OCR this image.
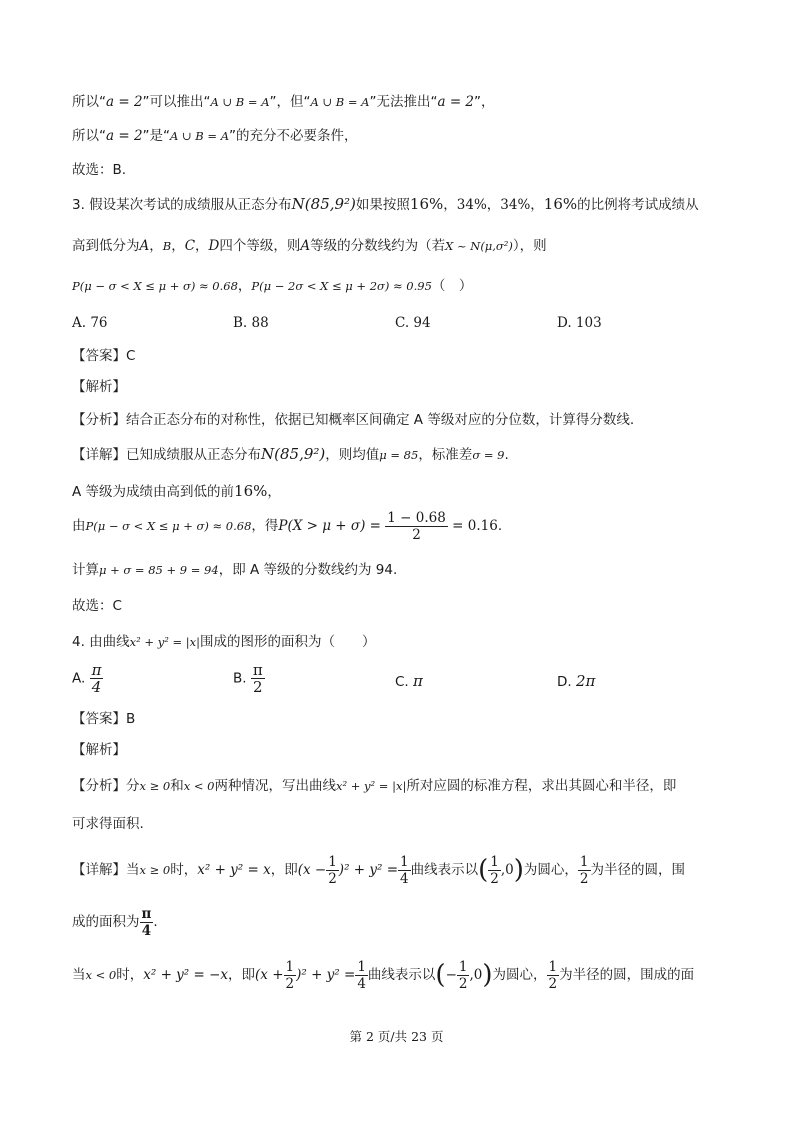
所以“a = 2”可以推出“A ∪ B = A”，但“A ∪ B = A”无法推出“a = 2”，
所以“a = 2”是“A ∪ B = A”的充分不必要条件，
故选：B.
3. 假设某次考试的成绩服从正态分布N(85,9²)如果按照16%，34%，34%，16%的比例将考试成绩从
高到低分为A，B，C，D四个等级，则A等级的分数线约为（若X ~ N(μ,σ²)），则
P(μ − σ < X ≤ μ + σ) ≈ 0.68，P(μ − 2σ < X ≤ μ + 2σ) ≈ 0.95（　）
A. 76	B. 88	C. 94	D. 103
【答案】C
【解析】
【分析】结合正态分布的对称性，依据已知概率区间确定 A 等级对应的分位数，计算得分数线.
【详解】已知成绩服从正态分布N(85,9²)，则均值μ = 85，标准差σ = 9.
A 等级为成绩由高到低的前16%，
由P(μ − σ < X ≤ μ + σ) ≈ 0.68，得$P(X > \mu + \sigma) = \frac{1 - 0.68}{2} = 0.16$.
计算μ + σ = 85 + 9 = 94，即 A 等级的分数线约为 94.
故选：C
4. 由曲线x² + y² = |x|围成的图形的面积为（　　）
A. $\frac{\pi}{4}$	B. $\frac{\pi}{2}$	C. π	D. 2π
【答案】B
【解析】
【分析】分x ≥ 0和x < 0两种情况，写出曲线x² + y² = |x|所对应圆的标准方程，求出其圆心和半径，即
可求得面积.
【详解】当x ≥ 0时，x² + y² = x，即$(x - \frac{1}{2} )^2 + y^2 = \frac{1}{4}$ 曲线表示以( $\frac{1}{2} ,0$)为圆心， $\frac{1}{2}$ 为半径的圆，围
成的面积为 $\frac{\pi}{4}$ .
当x < 0时，x² + y² = −x，即$(x + \frac{1}{2} )^2 + y^2 = \frac{1}{4}$ 曲线表示以(− $\frac{1}{2} ,0$)为圆心， $\frac{1}{2}$ 为半径的圆，围成的面
第 2 页/共 23 页
